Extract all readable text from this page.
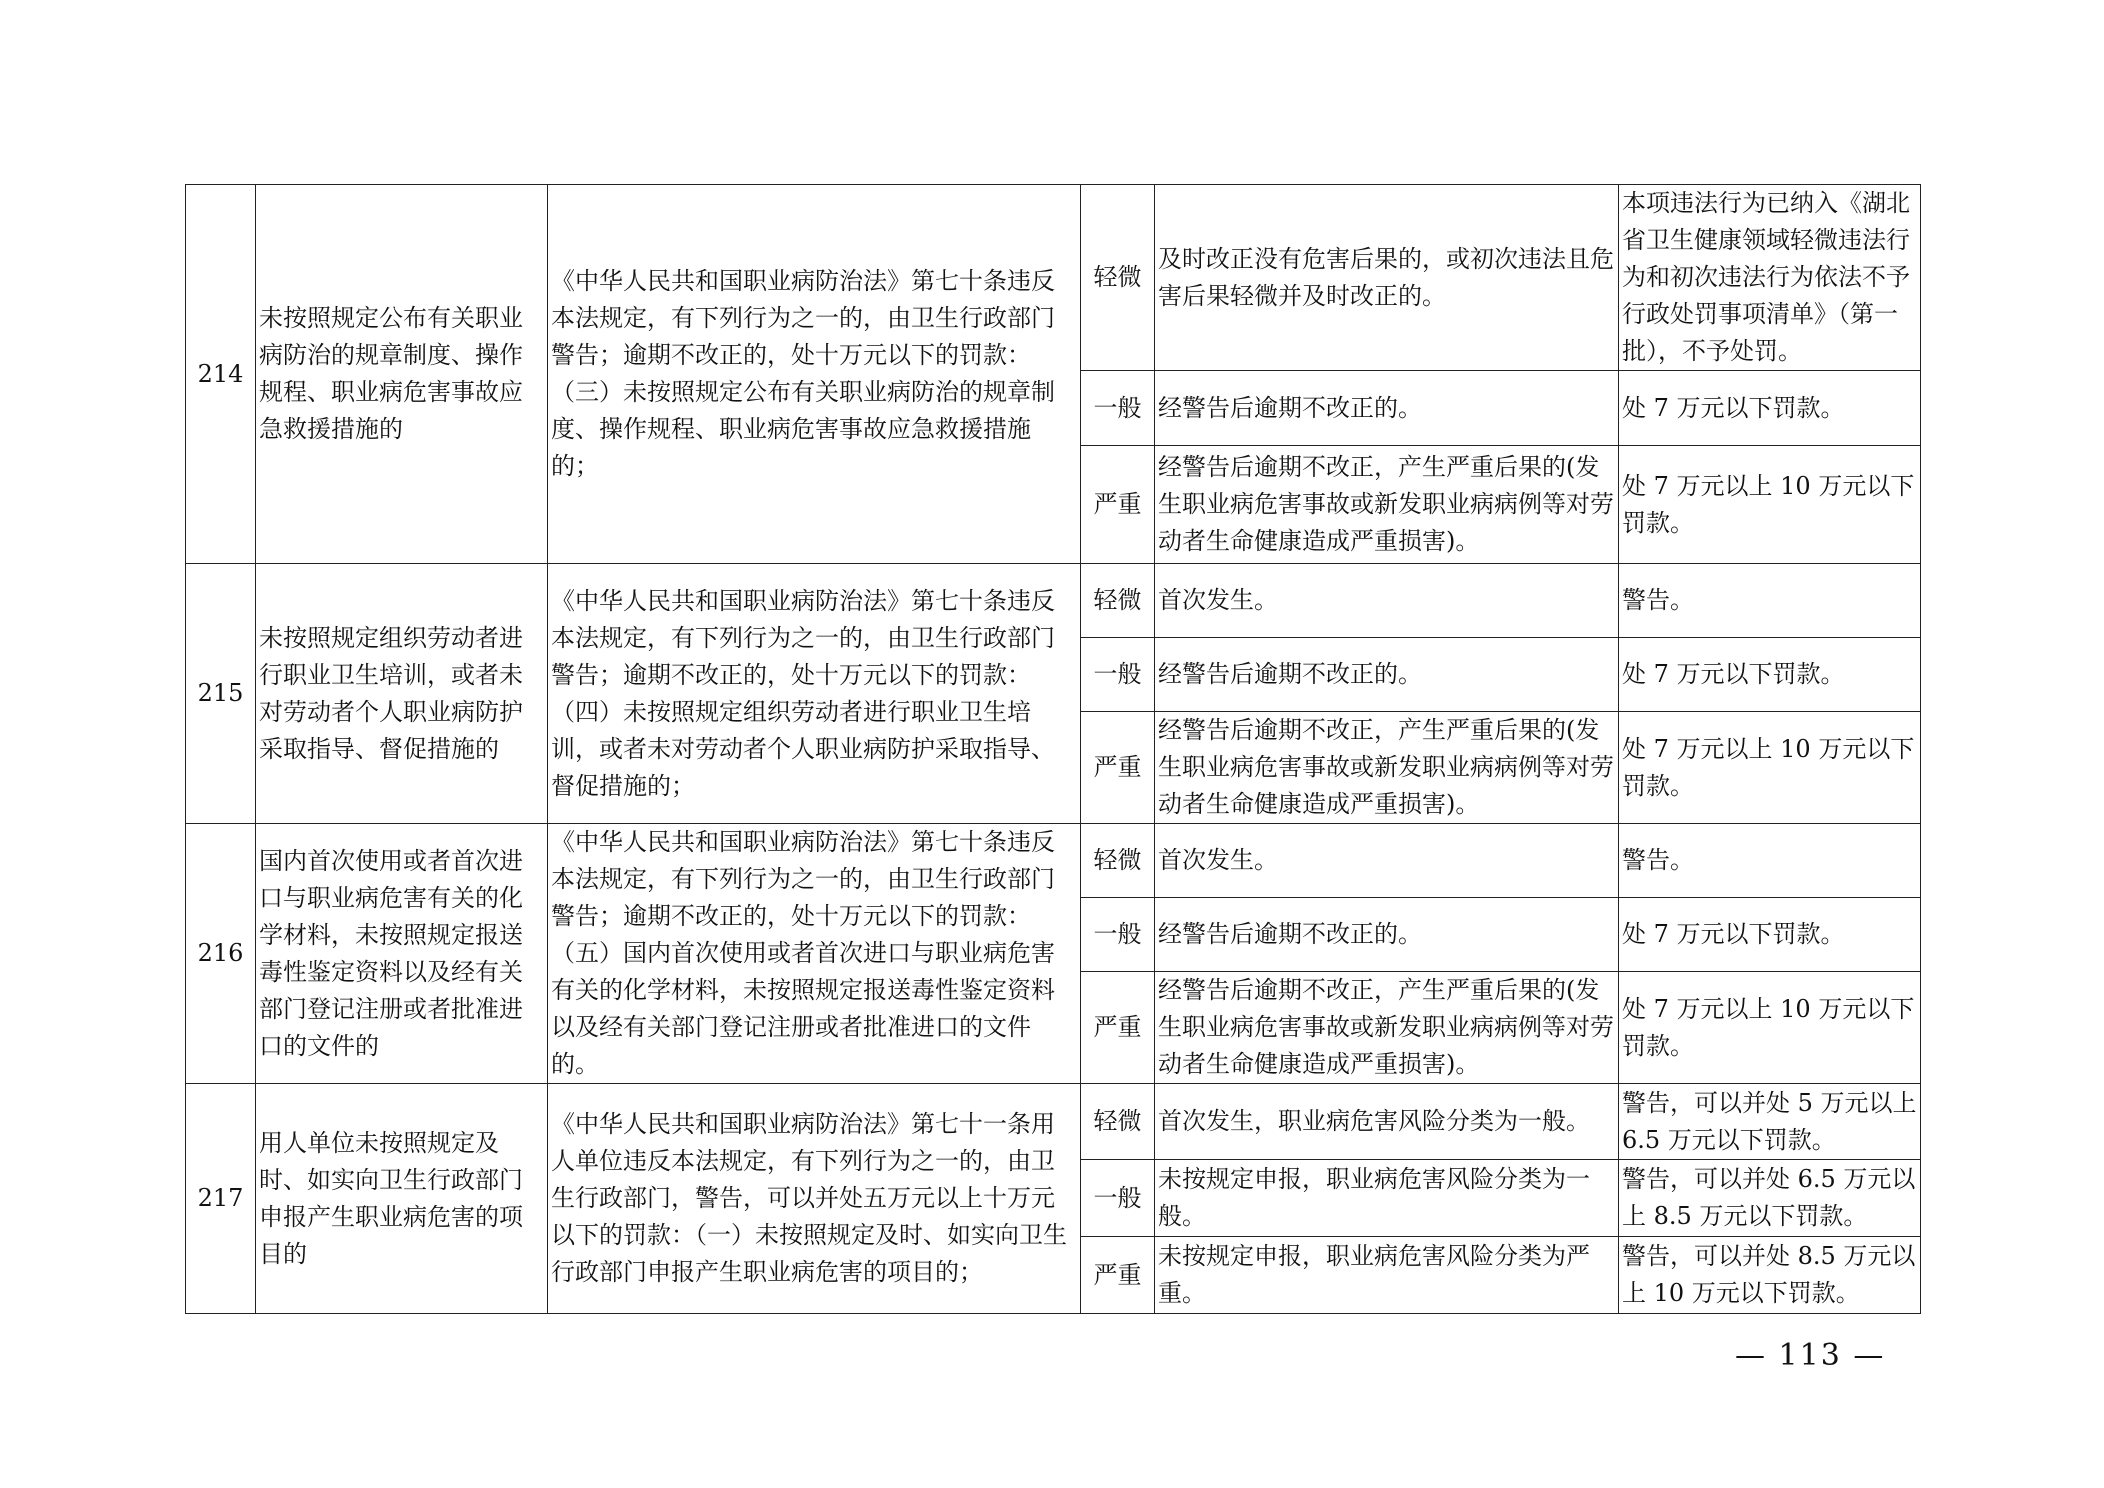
214	未按照规定公布有关职业病防治的规章制度、操作规程、职业病危害事故应急救援措施的	《中华人民共和国职业病防治法》第七十条违反本法规定，有下列行为之一的，由卫生行政部门警告；逾期不改正的，处十万元以下的罚款：（三）未按照规定公布有关职业病防治的规章制度、操作规程、职业病危害事故应急救援措施的；	轻微	及时改正没有危害后果的，或初次违法且危害后果轻微并及时改正的。	本项违法行为已纳入《湖北省卫生健康领域轻微违法行为和初次违法行为依法不予行政处罚事项清单》（第一批），不予处罚。
			一般	经警告后逾期不改正的。	处 7 万元以下罚款。
			严重	经警告后逾期不改正，产生严重后果的(发生职业病危害事故或新发职业病病例等对劳动者生命健康造成严重损害)。	处 7 万元以上 10 万元以下罚款。
215	未按照规定组织劳动者进行职业卫生培训，或者未对劳动者个人职业病防护采取指导、督促措施的	《中华人民共和国职业病防治法》第七十条违反本法规定，有下列行为之一的，由卫生行政部门警告；逾期不改正的，处十万元以下的罚款：（四）未按照规定组织劳动者进行职业卫生培训，或者未对劳动者个人职业病防护采取指导、督促措施的；	轻微	首次发生。	警告。
			一般	经警告后逾期不改正的。	处 7 万元以下罚款。
			严重	经警告后逾期不改正，产生严重后果的(发生职业病危害事故或新发职业病病例等对劳动者生命健康造成严重损害)。	处 7 万元以上 10 万元以下罚款。
216	国内首次使用或者首次进口与职业病危害有关的化学材料，未按照规定报送毒性鉴定资料以及经有关部门登记注册或者批准进口的文件的	《中华人民共和国职业病防治法》第七十条违反本法规定，有下列行为之一的，由卫生行政部门警告；逾期不改正的，处十万元以下的罚款：（五）国内首次使用或者首次进口与职业病危害有关的化学材料，未按照规定报送毒性鉴定资料以及经有关部门登记注册或者批准进口的文件的。	轻微	首次发生。	警告。
			一般	经警告后逾期不改正的。	处 7 万元以下罚款。
			严重	经警告后逾期不改正，产生严重后果的(发生职业病危害事故或新发职业病病例等对劳动者生命健康造成严重损害)。	处 7 万元以上 10 万元以下罚款。
217	用人单位未按照规定及时、如实向卫生行政部门申报产生职业病危害的项目的	《中华人民共和国职业病防治法》第七十一条用人单位违反本法规定，有下列行为之一的，由卫生行政部门，警告，可以并处五万元以上十万元以下的罚款：（一）未按照规定及时、如实向卫生行政部门申报产生职业病危害的项目的；	轻微	首次发生，职业病危害风险分类为一般。	警告，可以并处 5 万元以上 6.5 万元以下罚款。
			一般	未按规定申报，职业病危害风险分类为一般。	警告，可以并处 6.5 万元以上 8.5 万元以下罚款。
			严重	未按规定申报，职业病危害风险分类为严重。	警告，可以并处 8.5 万元以上 10 万元以下罚款。
— 113 —
